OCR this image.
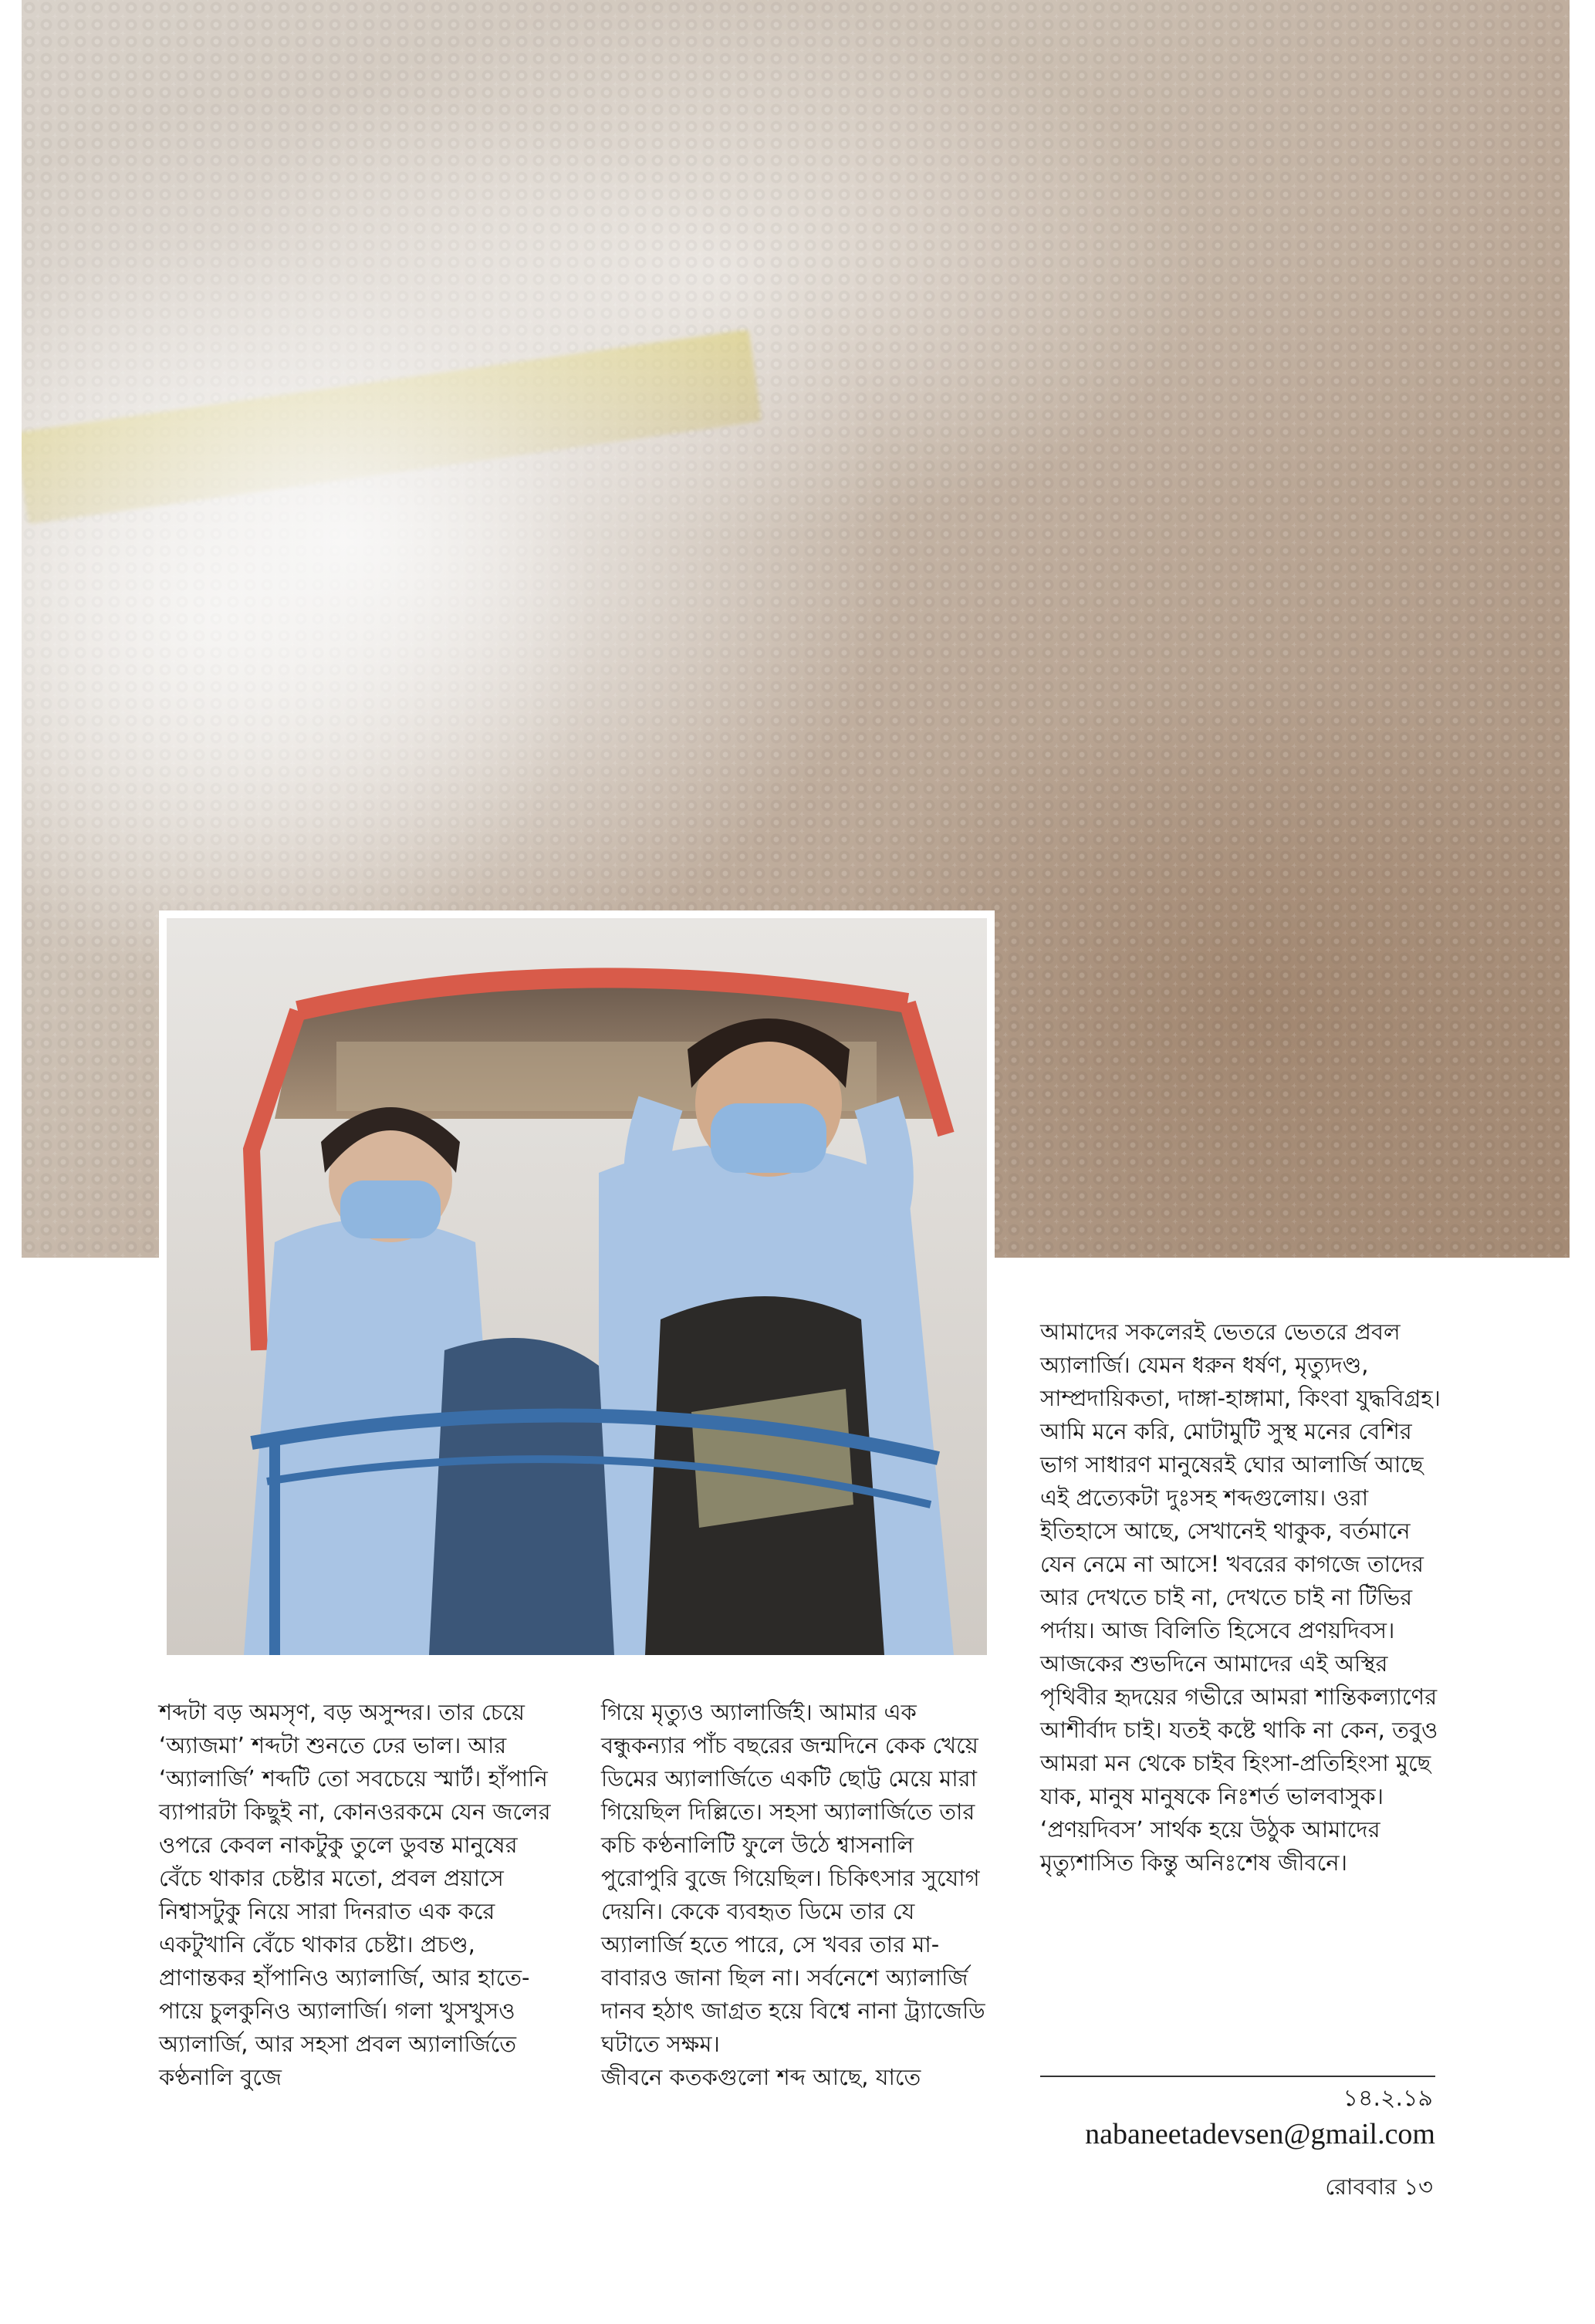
শব্দটা বড় অমসৃণ, বড় অসুন্দর। তার চেয়ে ‘অ্যাজমা’ শব্দটা শুনতে ঢের ভাল। আর ‘অ্যালার্জি’ শব্দটি তো সবচেয়ে স্মার্ট। হাঁপানি ব্যাপারটা কিছুই না, কোনওরকমে যেন জলের ওপরে কেবল নাকটুকু তুলে ডুবন্ত মানুষের বেঁচে থাকার চেষ্টার মতো, প্রবল প্রয়াসে নিশ্বাসটুকু নিয়ে সারা দিনরাত এক করে একটুখানি বেঁচে থাকার চেষ্টা। প্রচণ্ড, প্রাণান্তকর হাঁপানিও অ্যালার্জি, আর হাতে-পায়ে চুলকুনিও অ্যালার্জি। গলা খুসখুসও অ্যালার্জি, আর সহসা প্রবল অ্যালার্জিতে কণ্ঠনালি বুজে
গিয়ে মৃত্যুও অ্যালার্জিই। আমার এক বন্ধুকন্যার পাঁচ বছরের জন্মদিনে কেক খেয়ে ডিমের অ্যালার্জিতে একটি ছোট্ট মেয়ে মারা গিয়েছিল দিল্লিতে। সহসা অ্যালার্জিতে তার কচি কণ্ঠনালিটি ফুলে উঠে শ্বাসনালি পুরোপুরি বুজে গিয়েছিল। চিকিৎসার সুযোগ দেয়নি। কেকে ব্যবহৃত ডিমে তার যে অ্যালার্জি হতে পারে, সে খবর তার মা-বাবারও জানা ছিল না। সর্বনেশে অ্যালার্জি দানব হঠাৎ জাগ্রত হয়ে বিশ্বে নানা ট্র্যাজেডি ঘটাতে সক্ষম।
জীবনে কতকগুলো শব্দ আছে, যাতে
আমাদের সকলেরই ভেতরে ভেতরে প্রবল অ্যালার্জি। যেমন ধরুন ধর্ষণ, মৃত্যুদণ্ড, সাম্প্রদায়িকতা, দাঙ্গা-হাঙ্গামা, কিংবা যুদ্ধবিগ্রহ। আমি মনে করি, মোটামুটি সুস্থ মনের বেশির ভাগ সাধারণ মানুষেরই ঘোর আলার্জি আছে এই প্রত্যেকটা দুঃসহ শব্দগুলোয়। ওরা ইতিহাসে আছে, সেখানেই থাকুক, বর্তমানে যেন নেমে না আসে! খবরের কাগজে তাদের আর দেখতে চাই না, দেখতে চাই না টিভির পর্দায়। আজ বিলিতি হিসেবে প্রণয়দিবস। আজকের শুভদিনে আমাদের এই অস্থির পৃথিবীর হৃদয়ের গভীরে আমরা শান্তিকল্যাণের আশীর্বাদ চাই। যতই কষ্টে থাকি না কেন, তবুও আমরা মন থেকে চাইব হিংসা-প্রতিহিংসা মুছে যাক, মানুষ মানুষকে নিঃশর্ত ভালবাসুক। ‘প্রণয়দিবস’ সার্থক হয়ে উঠুক আমাদের মৃত্যুশাসিত কিন্তু অনিঃশেষ জীবনে।
১৪.২.১৯
nabaneetadevsen@gmail.com
রোববার ১৩
